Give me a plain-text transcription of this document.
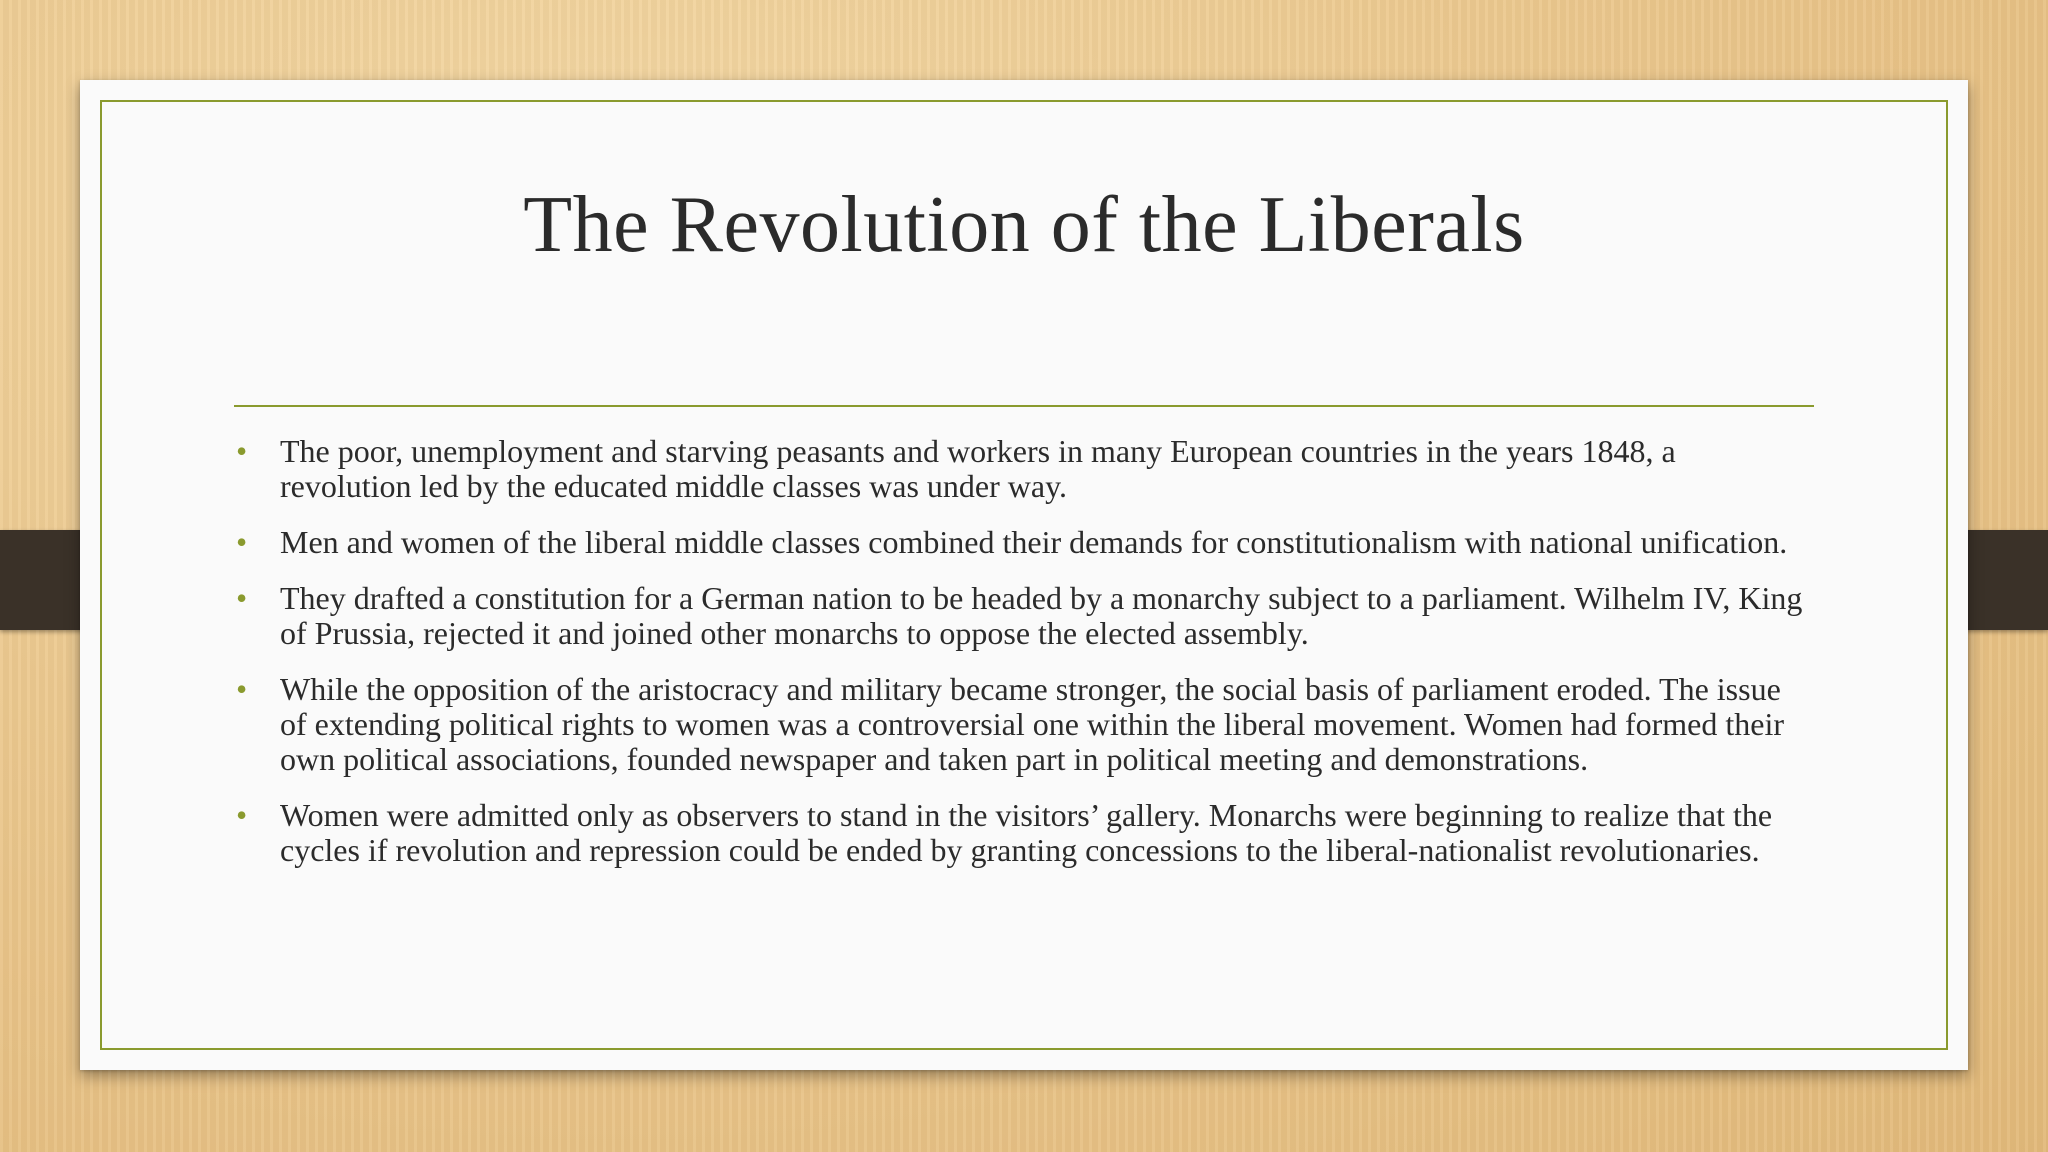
The Revolution of the Liberals
• The poor, unemployment and starving peasants and workers in many European countries in the years 1848, a revolution led by the educated middle classes was under way.
• Men and women of the liberal middle classes combined their demands for constitutionalism with national unification.
• They drafted a constitution for a German nation to be headed by a monarchy subject to a parliament. Wilhelm IV, King of Prussia, rejected it and joined other monarchs to oppose the elected assembly.
• While the opposition of the aristocracy and military became stronger, the social basis of parliament eroded. The issue of extending political rights to women was a controversial one within the liberal movement. Women had formed their own political associations, founded newspaper and taken part in political meeting and demonstrations.
• Women were admitted only as observers to stand in the visitors’ gallery. Monarchs were beginning to realize that the cycles if revolution and repression could be ended by granting concessions to the liberal-nationalist revolutionaries.
